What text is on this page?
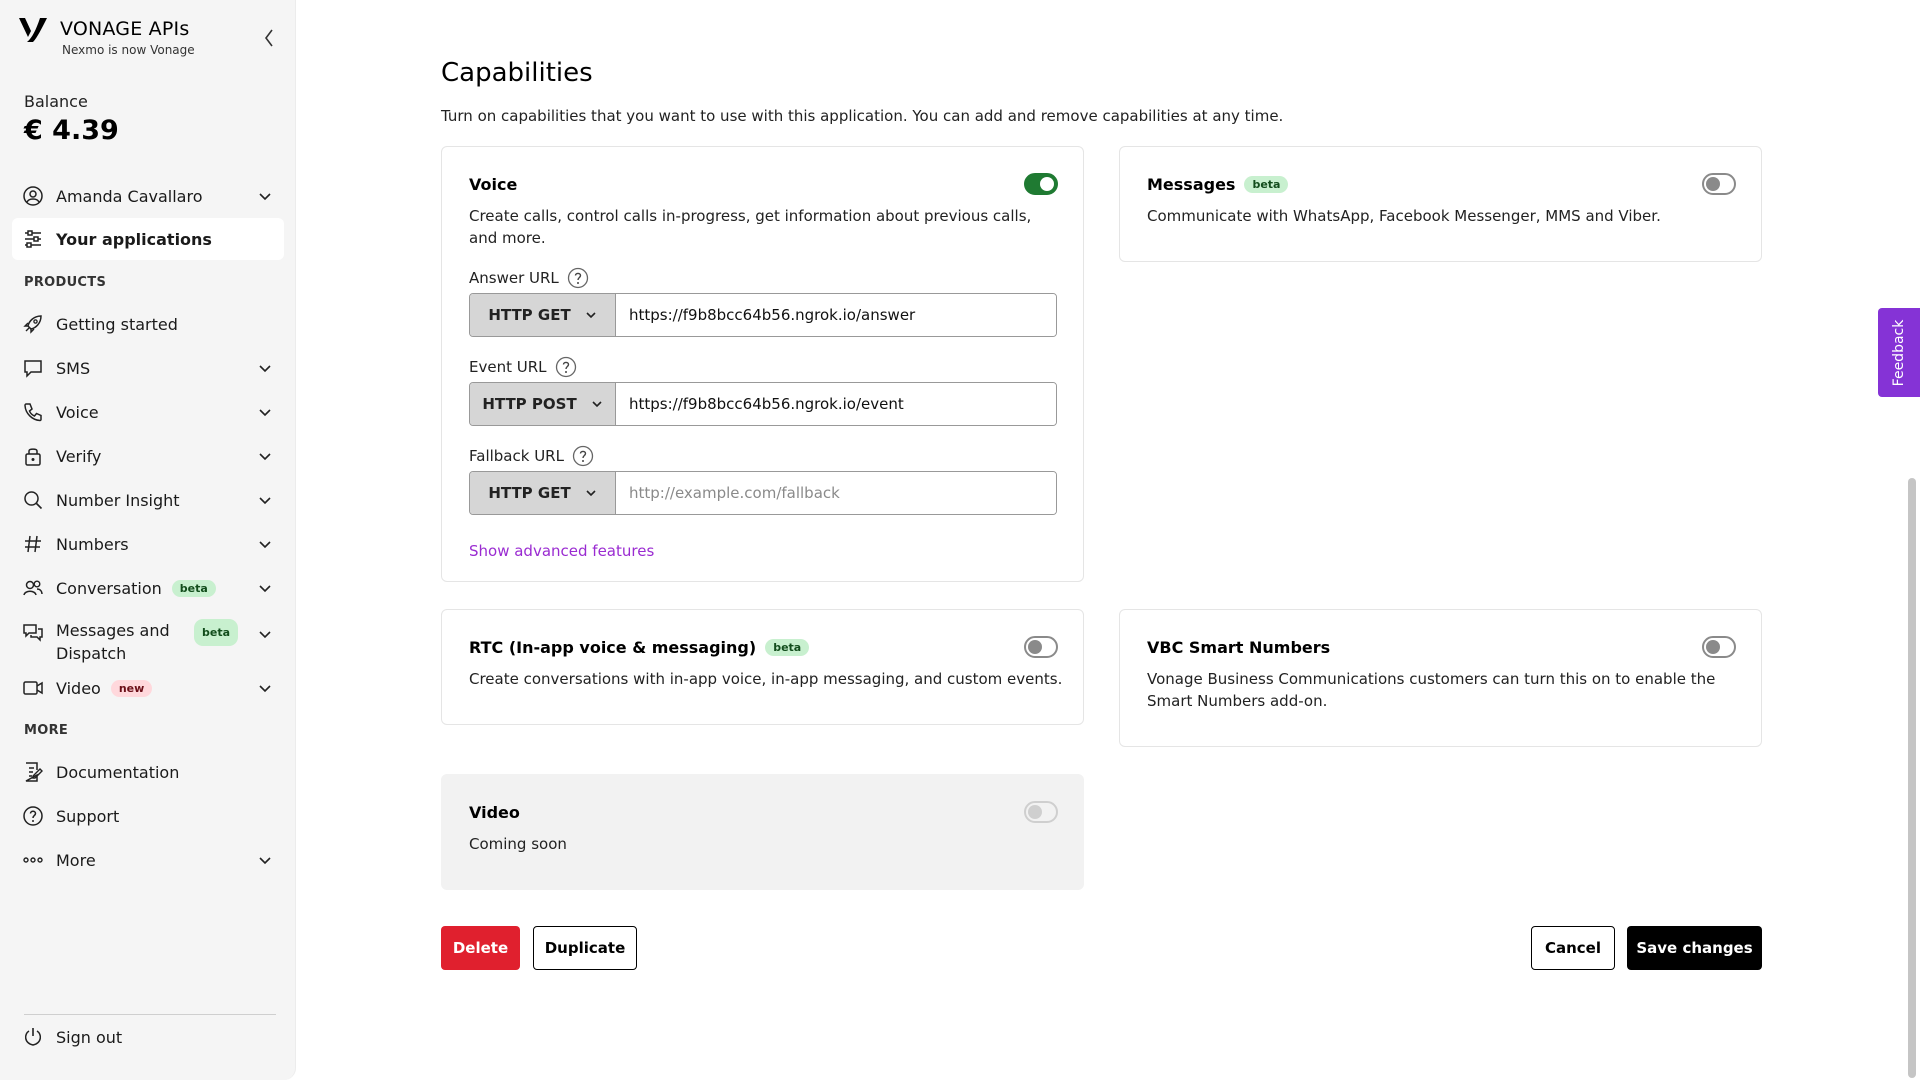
VONAGE APIs
Nexmo is now Vonage
Balance
€ 4.39
Amanda Cavallaro
Your applications
PRODUCTS
Getting started
SMS
Voice
Verify
Number Insight
Numbers
Conversation	beta
Messages and Dispatch
beta
Video	new
MORE
Documentation
Support
More
Sign out
Capabilities

Turn on capabilities that you want to use with this application. You can add and remove capabilities at any time.

Voice
Create calls, control calls in-progress, get information about previous calls, and more.
Answer URL
HTTP GET
https://f9b8bcc64b56.ngrok.io/answer
Event URL
HTTP POST
https://f9b8bcc64b56.ngrok.io/event
Fallback URL
HTTP GET
http://example.com/fallback
Show advanced features
Messages	beta
Communicate with WhatsApp, Facebook Messenger, MMS and Viber.
RTC (In-app voice & messaging)	beta
Create conversations with in-app voice, in-app messaging, and custom events.
VBC Smart Numbers
Vonage Business Communications customers can turn this on to enable the Smart Numbers add-on.
Video
Coming soon
Delete	Duplicate	Cancel	Save changes
Feedback
